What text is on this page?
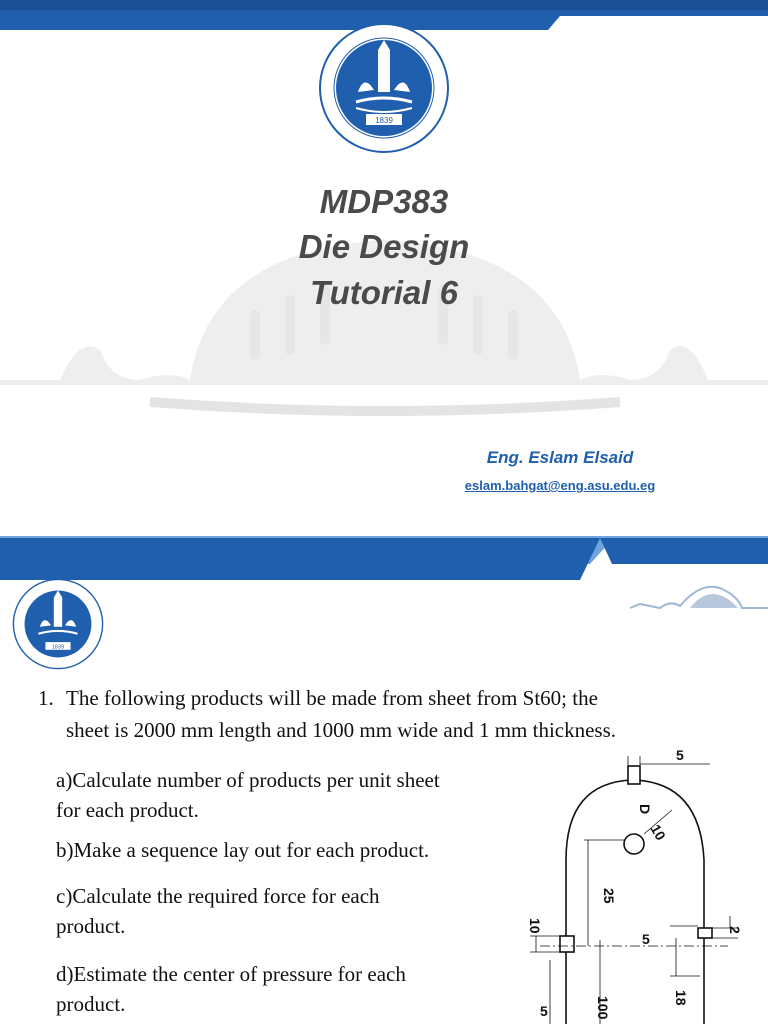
1839
MDP383
Die Design
Tutorial 6
Eng. Eslam Elsaid
eslam.bahgat@eng.asu.edu.eg
1839
1. The following products will be made from sheet from St60; the
sheet is 2000 mm length and 1000 mm wide and 1 mm thickness.
a)Calculate number of products per unit sheet
for each product.
b)Make a sequence lay out for each product.
c)Calculate the required force for each
product.
d)Estimate the center of pressure for each
product.
5
D
10
25
10
5
2
5
18
100
